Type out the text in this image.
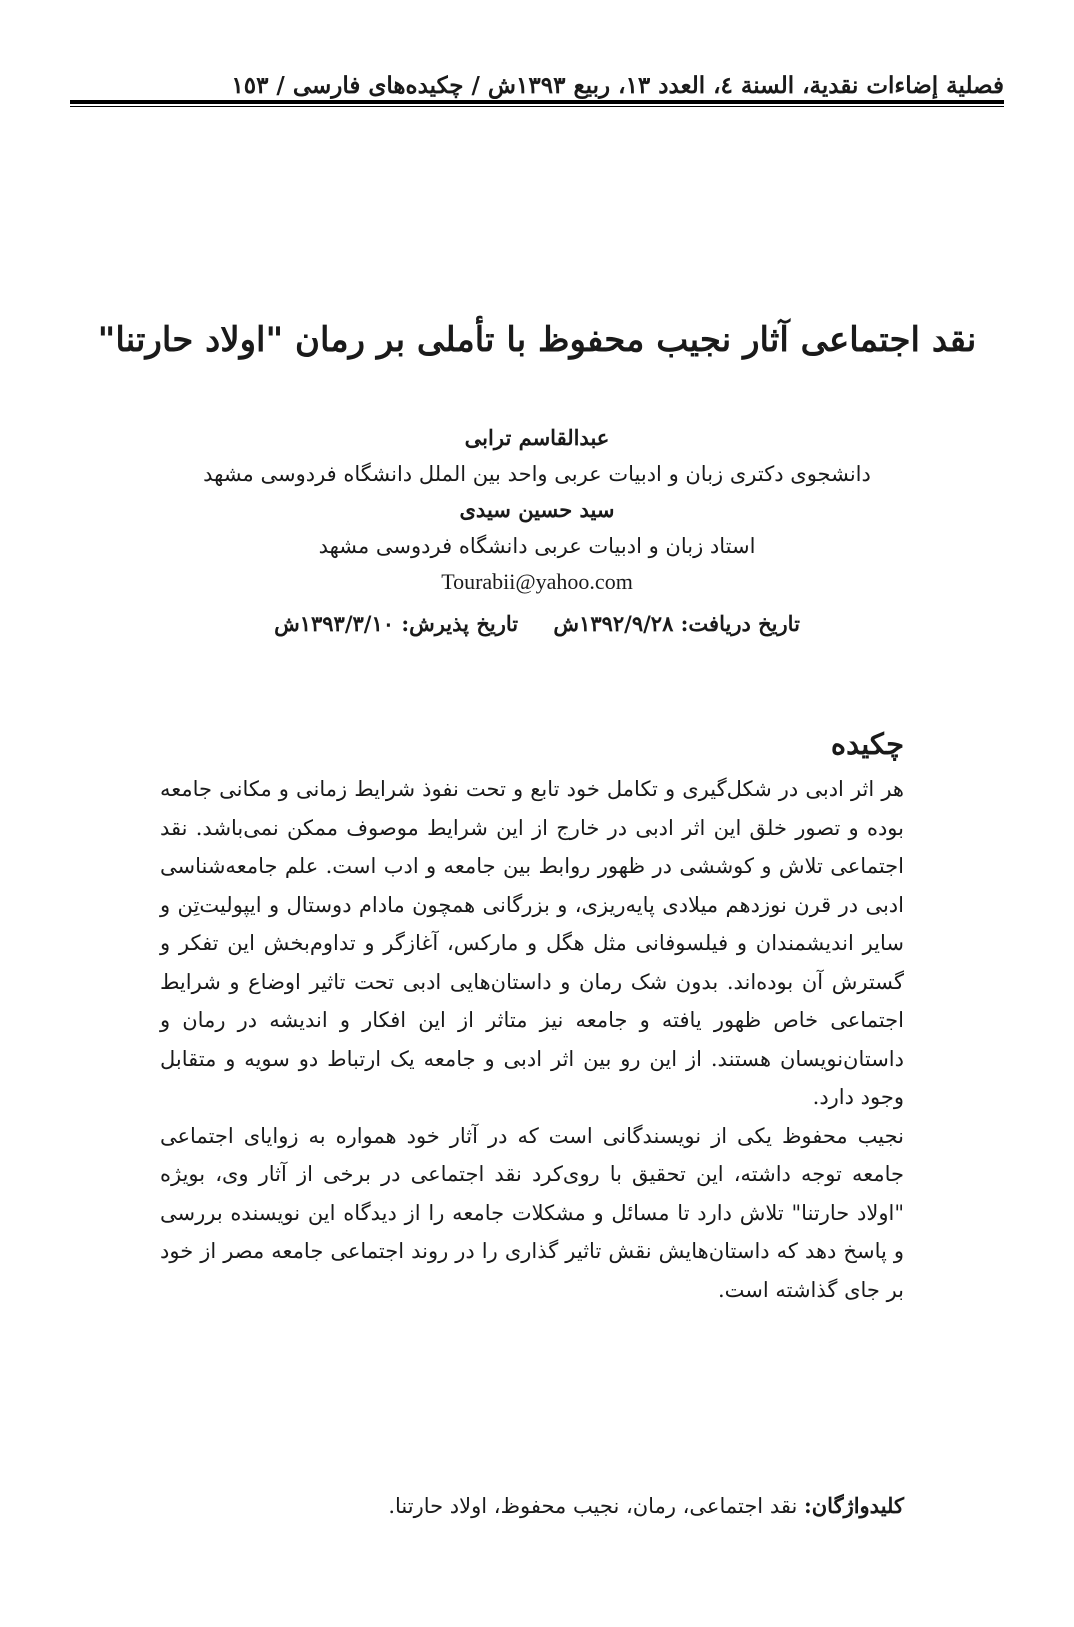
فصلية إضاءات نقدية، السنة ٤، العدد ١٣، ربيع ١٣٩٣ش / چکیده‌های فارسی / ١٥٣
نقد اجتماعی آثار نجیب محفوظ با تأملی بر رمان "اولاد حارتنا"
عبدالقاسم ترابی
دانشجوی دکتری زبان و ادبیات عربی واحد بین الملل دانشگاه فردوسی مشهد
سید حسین سیدی
استاد زبان و ادبیات عربی دانشگاه فردوسی مشهد
Tourabii@yahoo.com
تاریخ دریافت: ١٣٩٢/٩/٢٨ش تاریخ پذیرش: ١٣٩٣/٣/١٠ش
چکیده

هر اثر ادبی در شکل‌گیری و تکامل خود تابع و تحت نفوذ شرایط زمانی و مکانی جامعه بوده و تصور خلق این اثر ادبی در خارج از این شرایط موصوف ممکن نمی‌باشد. نقد اجتماعی تلاش و کوششی در ظهور روابط بین جامعه و ادب است. علم جامعه‌شناسی ادبی در قرن نوزدهم میلادی پایه‌ریزی، و بزرگانی همچون مادام دوستال و ایپولیت‌تِن و سایر اندیشمندان و فیلسوفانی مثل هگل و مارکس، آغازگر و تداوم‌بخش این تفکر و گسترش آن بوده‌اند. بدون شک رمان و داستان‌هایی ادبی تحت تاثیر اوضاع و شرایط اجتماعی خاص ظهور یافته و جامعه نیز متاثر از این افکار و اندیشه در رمان و داستان‌نویسان هستند. از این رو بین اثر ادبی و جامعه یک ارتباط دو سویه و متقابل وجود دارد.

نجیب محفوظ یکی از نویسندگانی است که در آثار خود همواره به زوایای اجتماعی جامعه توجه داشته، این تحقیق با روی‌کرد نقد اجتماعی در برخی از آثار وی، بویژه "اولاد حارتنا" تلاش دارد تا مسائل و مشکلات جامعه را از دیدگاه این نویسنده بررسی و پاسخ دهد که داستان‌هایش نقش تاثیر گذاری را در روند اجتماعی جامعه مصر از خود بر جای گذاشته است.

کلیدواژگان: نقد اجتماعی، رمان، نجیب محفوظ، اولاد حارتنا.
